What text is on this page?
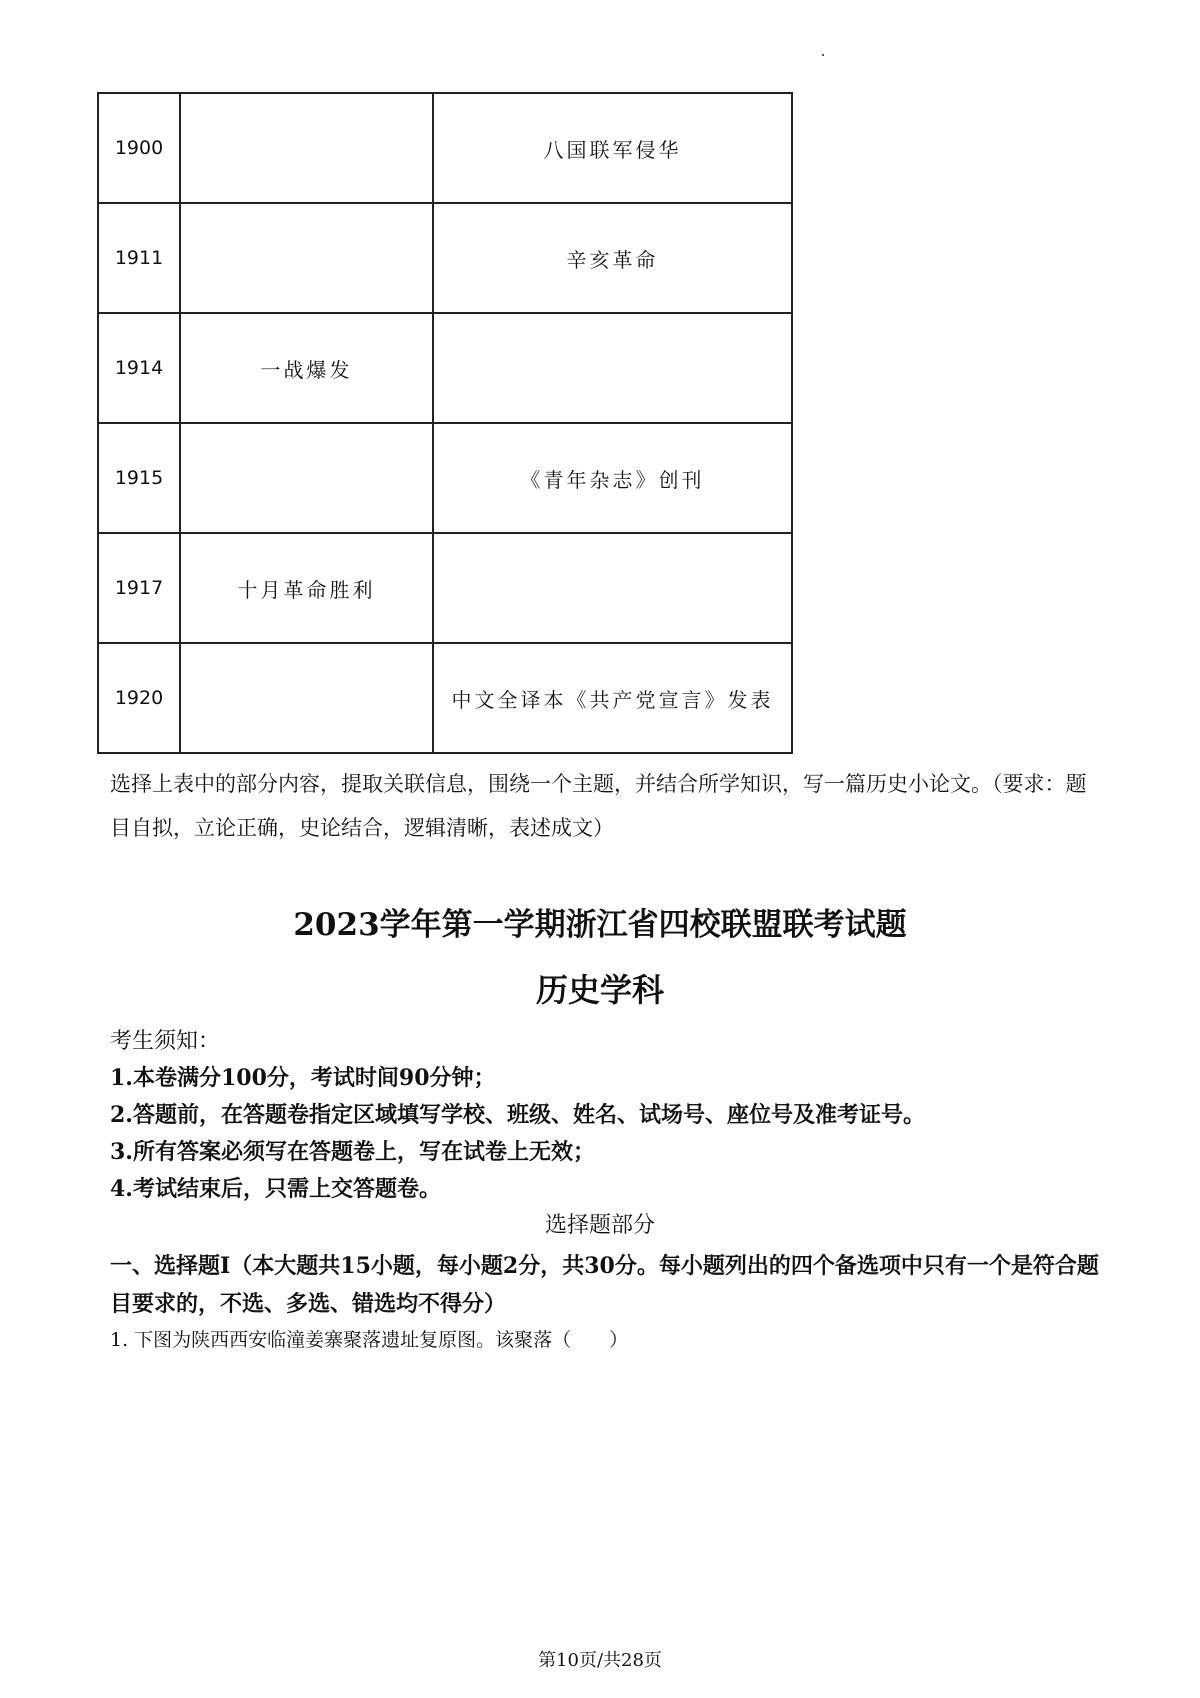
1900		八国联军侵华
1911		辛亥革命
1914	一战爆发	
1915		《青年杂志》创刊
1917	十月革命胜利	
1920		中文全译本《共产党宣言》发表

选择上表中的部分内容，提取关联信息，围绕一个主题，并结合所学知识，写一篇历史小论文。（要求：题目自拟，立论正确，史论结合，逻辑清晰，表述成文）

2023学年第一学期浙江省四校联盟联考试题
历史学科

考生须知：

1.本卷满分100分，考试时间90分钟；

2.答题前，在答题卷指定区域填写学校、班级、姓名、试场号、座位号及准考证号。

3.所有答案必须写在答题卷上，写在试卷上无效；

4.考试结束后，只需上交答题卷。

选择题部分

一、选择题Ⅰ（本大题共15小题，每小题2分，共30分。每小题列出的四个备选项中只有一个是符合题目要求的，不选、多选、错选均不得分）

1. 下图为陕西西安临潼姜寨聚落遗址复原图。该聚落（　　）

第10页/共28页
